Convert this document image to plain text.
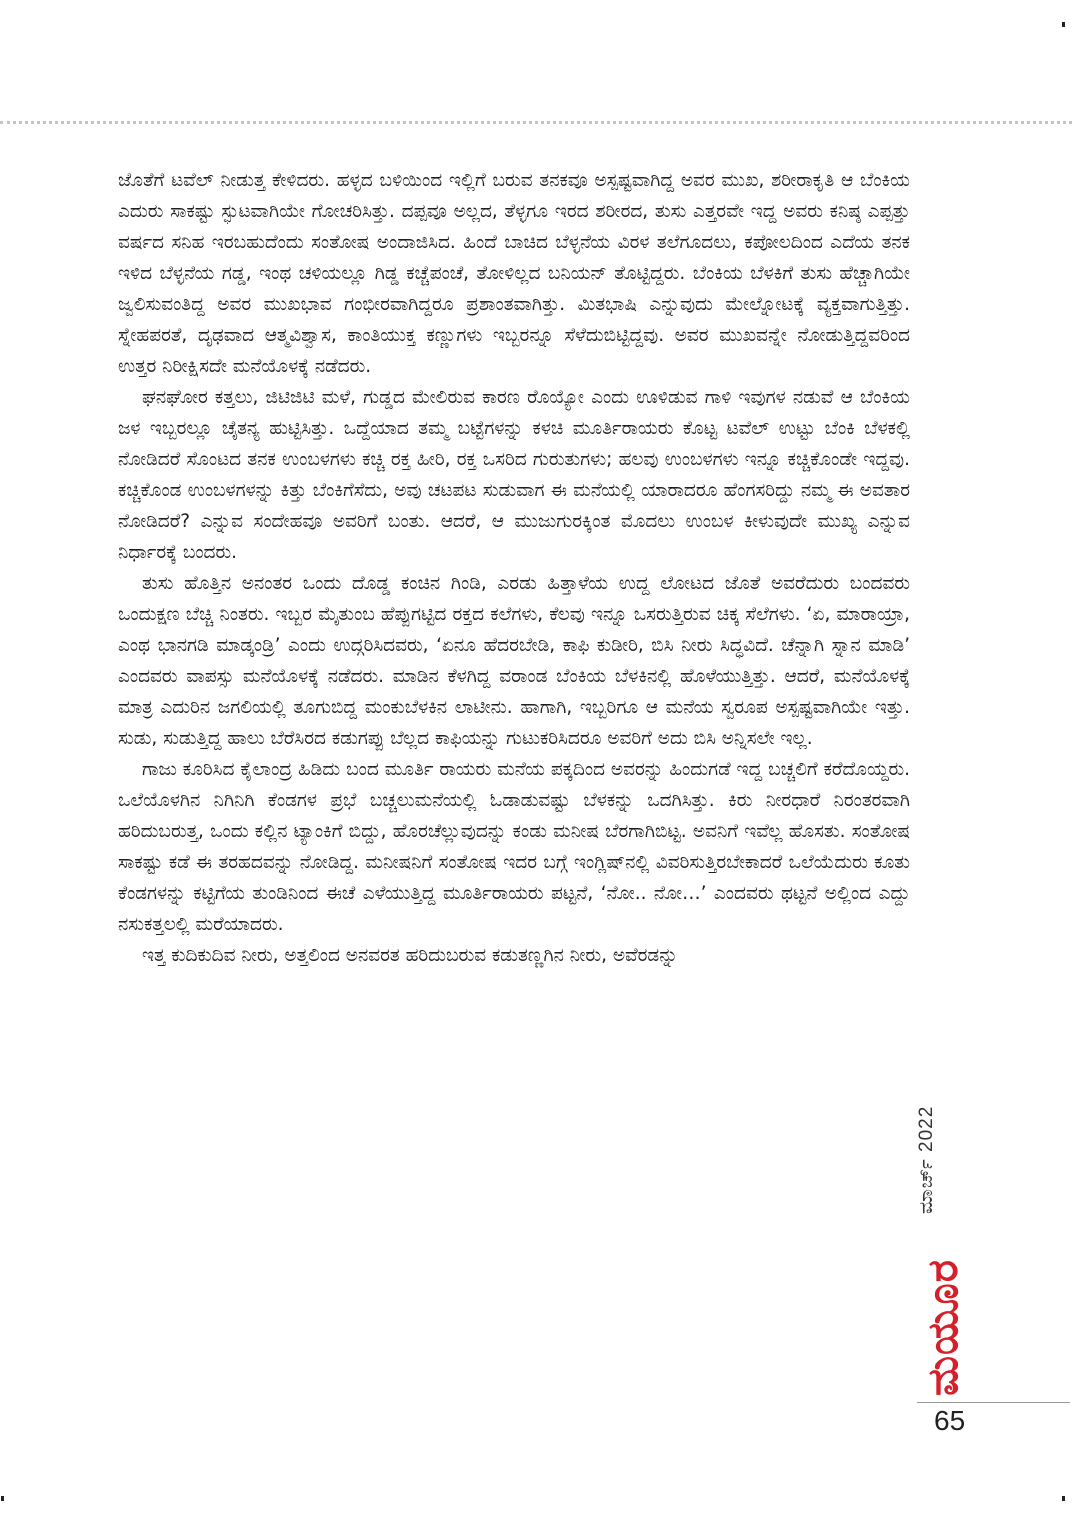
ಜೊತೆಗೆ ಟವೆಲ್ ನೀಡುತ್ತ ಕೇಳಿದರು. ಹಳ್ಳದ ಬಳಿಯಿಂದ ಇಲ್ಲಿಗೆ ಬರುವ ತನಕವೂ ಅಸ್ಪಷ್ಟವಾಗಿದ್ದ ಅವರ ಮುಖ, ಶರೀರಾಕೃತಿ ಆ ಬೆಂಕಿಯ ಎದುರು ಸಾಕಷ್ಟು ಸ್ಫುಟವಾಗಿಯೇ ಗೋಚರಿಸಿತ್ತು. ದಪ್ಪವೂ ಅಲ್ಲದ, ತೆಳ್ಳಗೂ ಇರದ ಶರೀರದ, ತುಸು ಎತ್ತರವೇ ಇದ್ದ ಅವರು ಕನಿಷ್ಠ ಎಪ್ಪತ್ತು ವರ್ಷದ ಸನಿಹ ಇರಬಹುದೆಂದು ಸಂತೋಷ ಅಂದಾಜಿಸಿದ. ಹಿಂದೆ ಬಾಚಿದ ಬೆಳ್ಳನೆಯ ವಿರಳ ತಲೆಗೂದಲು, ಕಪೋಲದಿಂದ ಎದೆಯ ತನಕ ಇಳಿದ ಬೆಳ್ಳನೆಯ ಗಡ್ಡ, ಇಂಥ ಚಳಿಯಲ್ಲೂ ಗಿಡ್ಡ ಕಚ್ಚೆಪಂಚೆ, ತೋಳಿಲ್ಲದ ಬನಿಯನ್ ತೊಟ್ಟಿದ್ದರು. ಬೆಂಕಿಯ ಬೆಳಕಿಗೆ ತುಸು ಹೆಚ್ಚಾಗಿಯೇ ಜ್ವಲಿಸುವಂತಿದ್ದ ಅವರ ಮುಖಭಾವ ಗಂಭೀರವಾಗಿದ್ದರೂ ಪ್ರಶಾಂತವಾಗಿತ್ತು. ಮಿತಭಾಷಿ ಎನ್ನುವುದು ಮೇಲ್ನೋಟಕ್ಕೆ ವ್ಯಕ್ತವಾಗುತ್ತಿತ್ತು. ಸ್ನೇಹಪರತೆ, ದೃಢವಾದ ಆತ್ಮವಿಶ್ವಾಸ, ಕಾಂತಿಯುಕ್ತ ಕಣ್ಣುಗಳು ಇಬ್ಬರನ್ನೂ ಸೆಳೆದುಬಿಟ್ಟಿದ್ದವು. ಅವರ ಮುಖವನ್ನೇ ನೋಡುತ್ತಿದ್ದವರಿಂದ ಉತ್ತರ ನಿರೀಕ್ಷಿಸದೇ ಮನೆಯೊಳಕ್ಕೆ ನಡೆದರು.

ಘನಘೋರ ಕತ್ತಲು, ಜಿಟಿಜಿಟಿ ಮಳೆ, ಗುಡ್ಡದ ಮೇಲಿರುವ ಕಾರಣ ರೊಯ್ಯೋ ಎಂದು ಊಳಿಡುವ ಗಾಳಿ ಇವುಗಳ ನಡುವೆ ಆ ಬೆಂಕಿಯ ಜಳ ಇಬ್ಬರಲ್ಲೂ ಚೈತನ್ಯ ಹುಟ್ಟಿಸಿತ್ತು. ಒದ್ದೆಯಾದ ತಮ್ಮ ಬಟ್ಟೆಗಳನ್ನು ಕಳಚಿ ಮೂರ್ತಿರಾಯರು ಕೊಟ್ಟ ಟವೆಲ್ ಉಟ್ಟು ಬೆಂಕಿ ಬೆಳಕಲ್ಲಿ ನೋಡಿದರೆ ಸೊಂಟದ ತನಕ ಉಂಬಳಗಳು ಕಚ್ಚಿ ರಕ್ತ ಹೀರಿ, ರಕ್ತ ಒಸರಿದ ಗುರುತುಗಳು; ಹಲವು ಉಂಬಳಗಳು ಇನ್ನೂ ಕಚ್ಚಿಕೊಂಡೇ ಇದ್ದವು. ಕಚ್ಚಿಕೊಂಡ ಉಂಬಳಗಳನ್ನು ಕಿತ್ತು ಬೆಂಕಿಗೆಸೆದು, ಅವು ಚಟಪಟ ಸುಡುವಾಗ ಈ ಮನೆಯಲ್ಲಿ ಯಾರಾದರೂ ಹೆಂಗಸರಿದ್ದು ನಮ್ಮ ಈ ಅವತಾರ ನೋಡಿದರೆ? ಎನ್ನುವ ಸಂದೇಹವೂ ಅವರಿಗೆ ಬಂತು. ಆದರೆ, ಆ ಮುಜುಗುರಕ್ಕಿಂತ ಮೊದಲು ಉಂಬಳ ಕೀಳುವುದೇ ಮುಖ್ಯ ಎನ್ನುವ ನಿರ್ಧಾರಕ್ಕೆ ಬಂದರು.

ತುಸು ಹೊತ್ತಿನ ಅನಂತರ ಒಂದು ದೊಡ್ಡ ಕಂಚಿನ ಗಿಂಡಿ, ಎರಡು ಹಿತ್ತಾಳೆಯ ಉದ್ದ ಲೋಟದ ಜೊತೆ ಅವರೆದುರು ಬಂದವರು ಒಂದುಕ್ಷಣ ಬೆಚ್ಚಿ ನಿಂತರು. ಇಬ್ಬರ ಮೈತುಂಬ ಹೆಪ್ಪುಗಟ್ಟಿದ ರಕ್ತದ ಕಲೆಗಳು, ಕೆಲವು ಇನ್ನೂ ಒಸರುತ್ತಿರುವ ಚಿಕ್ಕ ಸೆಲೆಗಳು. ‘ಏ, ಮಾರಾಯ್ರಾ, ಎಂಥ ಭಾನಗಡಿ ಮಾಡ್ಕಂಡ್ರಿ’ ಎಂದು ಉದ್ಗರಿಸಿದವರು, ‘ಏನೂ ಹೆದರಬೇಡಿ, ಕಾಫಿ ಕುಡೀರಿ, ಬಿಸಿ ನೀರು ಸಿದ್ಧವಿದೆ. ಚೆನ್ನಾಗಿ ಸ್ನಾನ ಮಾಡಿ’ ಎಂದವರು ವಾಪಸ್ಸು ಮನೆಯೊಳಕ್ಕೆ ನಡೆದರು. ಮಾಡಿನ ಕೆಳಗಿದ್ದ ವರಾಂಡ ಬೆಂಕಿಯ ಬೆಳಕಿನಲ್ಲಿ ಹೊಳೆಯುತ್ತಿತ್ತು. ಆದರೆ, ಮನೆಯೊಳಕ್ಕೆ ಮಾತ್ರ ಎದುರಿನ ಜಗಲಿಯಲ್ಲಿ ತೂಗುಬಿದ್ದ ಮಂಕುಬೆಳಕಿನ ಲಾಟೀನು. ಹಾಗಾಗಿ, ಇಬ್ಬರಿಗೂ ಆ ಮನೆಯ ಸ್ವರೂಪ ಅಸ್ಪಷ್ಟವಾಗಿಯೇ ಇತ್ತು. ಸುಡು, ಸುಡುತ್ತಿದ್ದ ಹಾಲು ಬೆರೆಸಿರದ ಕಡುಗಪ್ಪು ಬೆಲ್ಲದ ಕಾಫಿಯನ್ನು ಗುಟುಕರಿಸಿದರೂ ಅವರಿಗೆ ಅದು ಬಿಸಿ ಅನ್ನಿಸಲೇ ಇಲ್ಲ.

ಗಾಜು ಕೂರಿಸಿದ ಕೈಲಾಂದ್ರ ಹಿಡಿದು ಬಂದ ಮೂರ್ತಿ ರಾಯರು ಮನೆಯ ಪಕ್ಕದಿಂದ ಅವರನ್ನು ಹಿಂದುಗಡೆ ಇದ್ದ ಬಚ್ಚಲಿಗೆ ಕರೆದೊಯ್ದರು. ಒಲೆಯೊಳಗಿನ ನಿಗಿನಿಗಿ ಕೆಂಡಗಳ ಪ್ರಭೆ ಬಚ್ಚಲುಮನೆಯಲ್ಲಿ ಓಡಾಡುವಷ್ಟು ಬೆಳಕನ್ನು ಒದಗಿಸಿತ್ತು. ಕಿರು ನೀರಧಾರೆ ನಿರಂತರವಾಗಿ ಹರಿದುಬರುತ್ತ, ಒಂದು ಕಲ್ಲಿನ ಟ್ಯಾಂಕಿಗೆ ಬಿದ್ದು, ಹೊರಚೆಲ್ಲುವುದನ್ನು ಕಂಡು ಮನೀಷ ಬೆರಗಾಗಿಬಿಟ್ಟ. ಅವನಿಗೆ ಇವೆಲ್ಲ ಹೊಸತು. ಸಂತೋಷ ಸಾಕಷ್ಟು ಕಡೆ ಈ ತರಹದವನ್ನು ನೋಡಿದ್ದ. ಮನೀಷನಿಗೆ ಸಂತೋಷ ಇದರ ಬಗ್ಗೆ ಇಂಗ್ಲಿಷ್‌ನಲ್ಲಿ ವಿವರಿಸುತ್ತಿರಬೇಕಾದರೆ ಒಲೆಯೆದುರು ಕೂತು ಕೆಂಡಗಳನ್ನು ಕಟ್ಟಿಗೆಯ ತುಂಡಿನಿಂದ ಈಚೆ ಎಳೆಯುತ್ತಿದ್ದ ಮೂರ್ತಿರಾಯರು ಪಟ್ಟನೆ, ‘ನೋ.. ನೋ…’ ಎಂದವರು ಥಟ್ಟನೆ ಅಲ್ಲಿಂದ ಎದ್ದು ನಸುಕತ್ತಲಲ್ಲಿ ಮರೆಯಾದರು.

ಇತ್ತ ಕುದಿಕುದಿವ ನೀರು, ಅತ್ತಲಿಂದ ಅನವರತ ಹರಿದುಬರುವ ಕಡುತಣ್ಣಗಿನ ನೀರು, ಅವೆರಡನ್ನು

ಮಾರ್ಚ್ 2022
ಮಯೂರ
65
